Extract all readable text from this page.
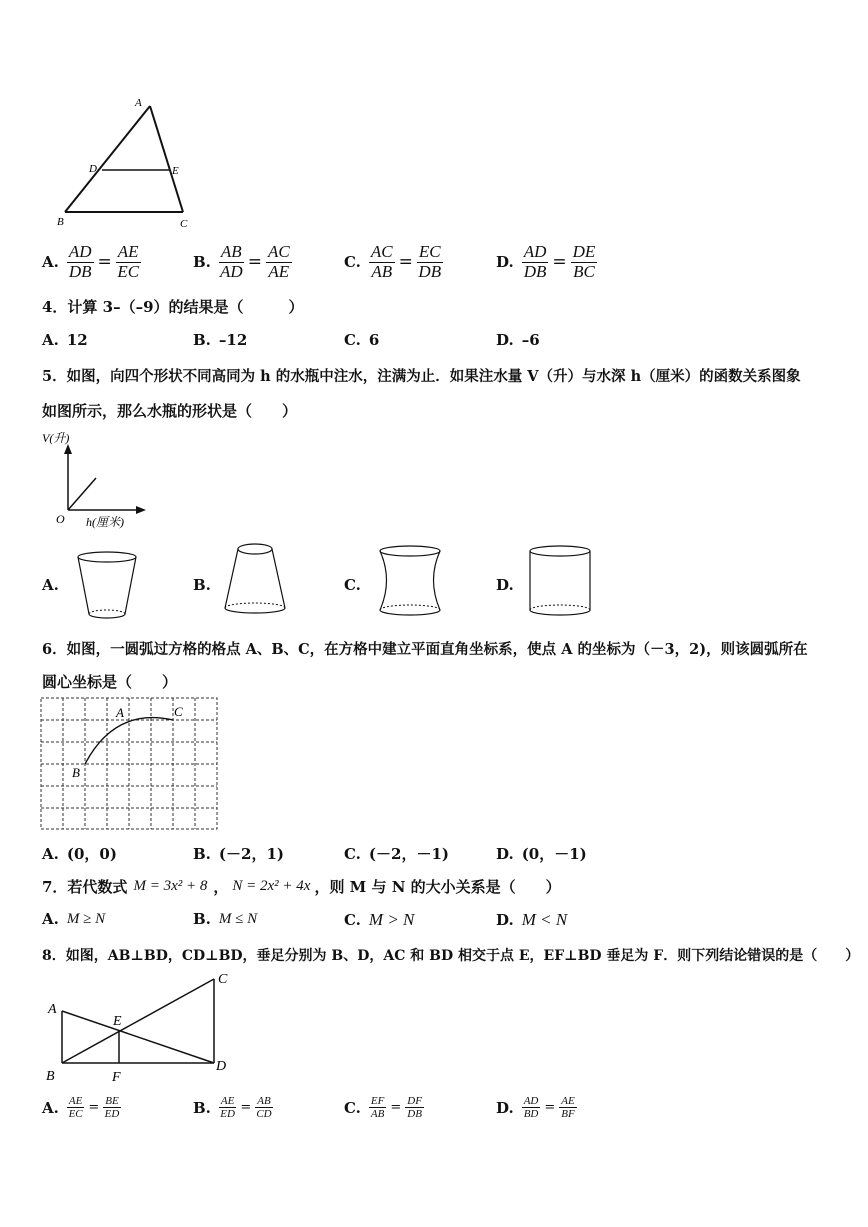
A
D	E
B	C
A. $\frac{AD}{DB} = \frac{AE}{EC}$	B. $\frac{AB}{AD} = \frac{AC}{AE}$	C. $\frac{AC}{AB} = \frac{EC}{DB}$	D. $\frac{AD}{DB} = \frac{DE}{BC}$
4．计算 3–（–9）的结果是（　　　）
A. 12	B. –12	C. 6	D. –6
5．如图，向四个形状不同高同为 h 的水瓶中注水，注满为止．如果注水量 V（升）与水深 h（厘米）的函数关系图象
如图所示，那么水瓶的形状是（　　）
V(升)
O h(厘米)
A.	B.	C.	D.
6．如图，一圆弧过方格的格点 A、B、C，在方格中建立平面直角坐标系，使点 A 的坐标为（－3，2)，则该圆弧所在
圆心坐标是（　　）
A	C
B
A. (0，0)	B. (－2，1)	C. (－2，－1)	D. (0，－1)
7．若代数式 M = 3x² + 8 ， N = 2x² + 4x ，则 M 与 N 的大小关系是（　　）
A. M ≥ N	B. M ≤ N	C. M > N	D. M < N
8．如图，AB⊥BD，CD⊥BD，垂足分别为 B、D，AC 和 BD 相交于点 E，EF⊥BD 垂足为 F．则下列结论错误的是（　　）
A
B
C
D
E
F
A. $\frac{AE}{EC} = \frac{BE}{ED}$	B. $\frac{AE}{ED} = \frac{AB}{CD}$	C. $\frac{EF}{AB} = \frac{DF}{DB}$	D. $\frac{AD}{BD} = \frac{AE}{BF}$
